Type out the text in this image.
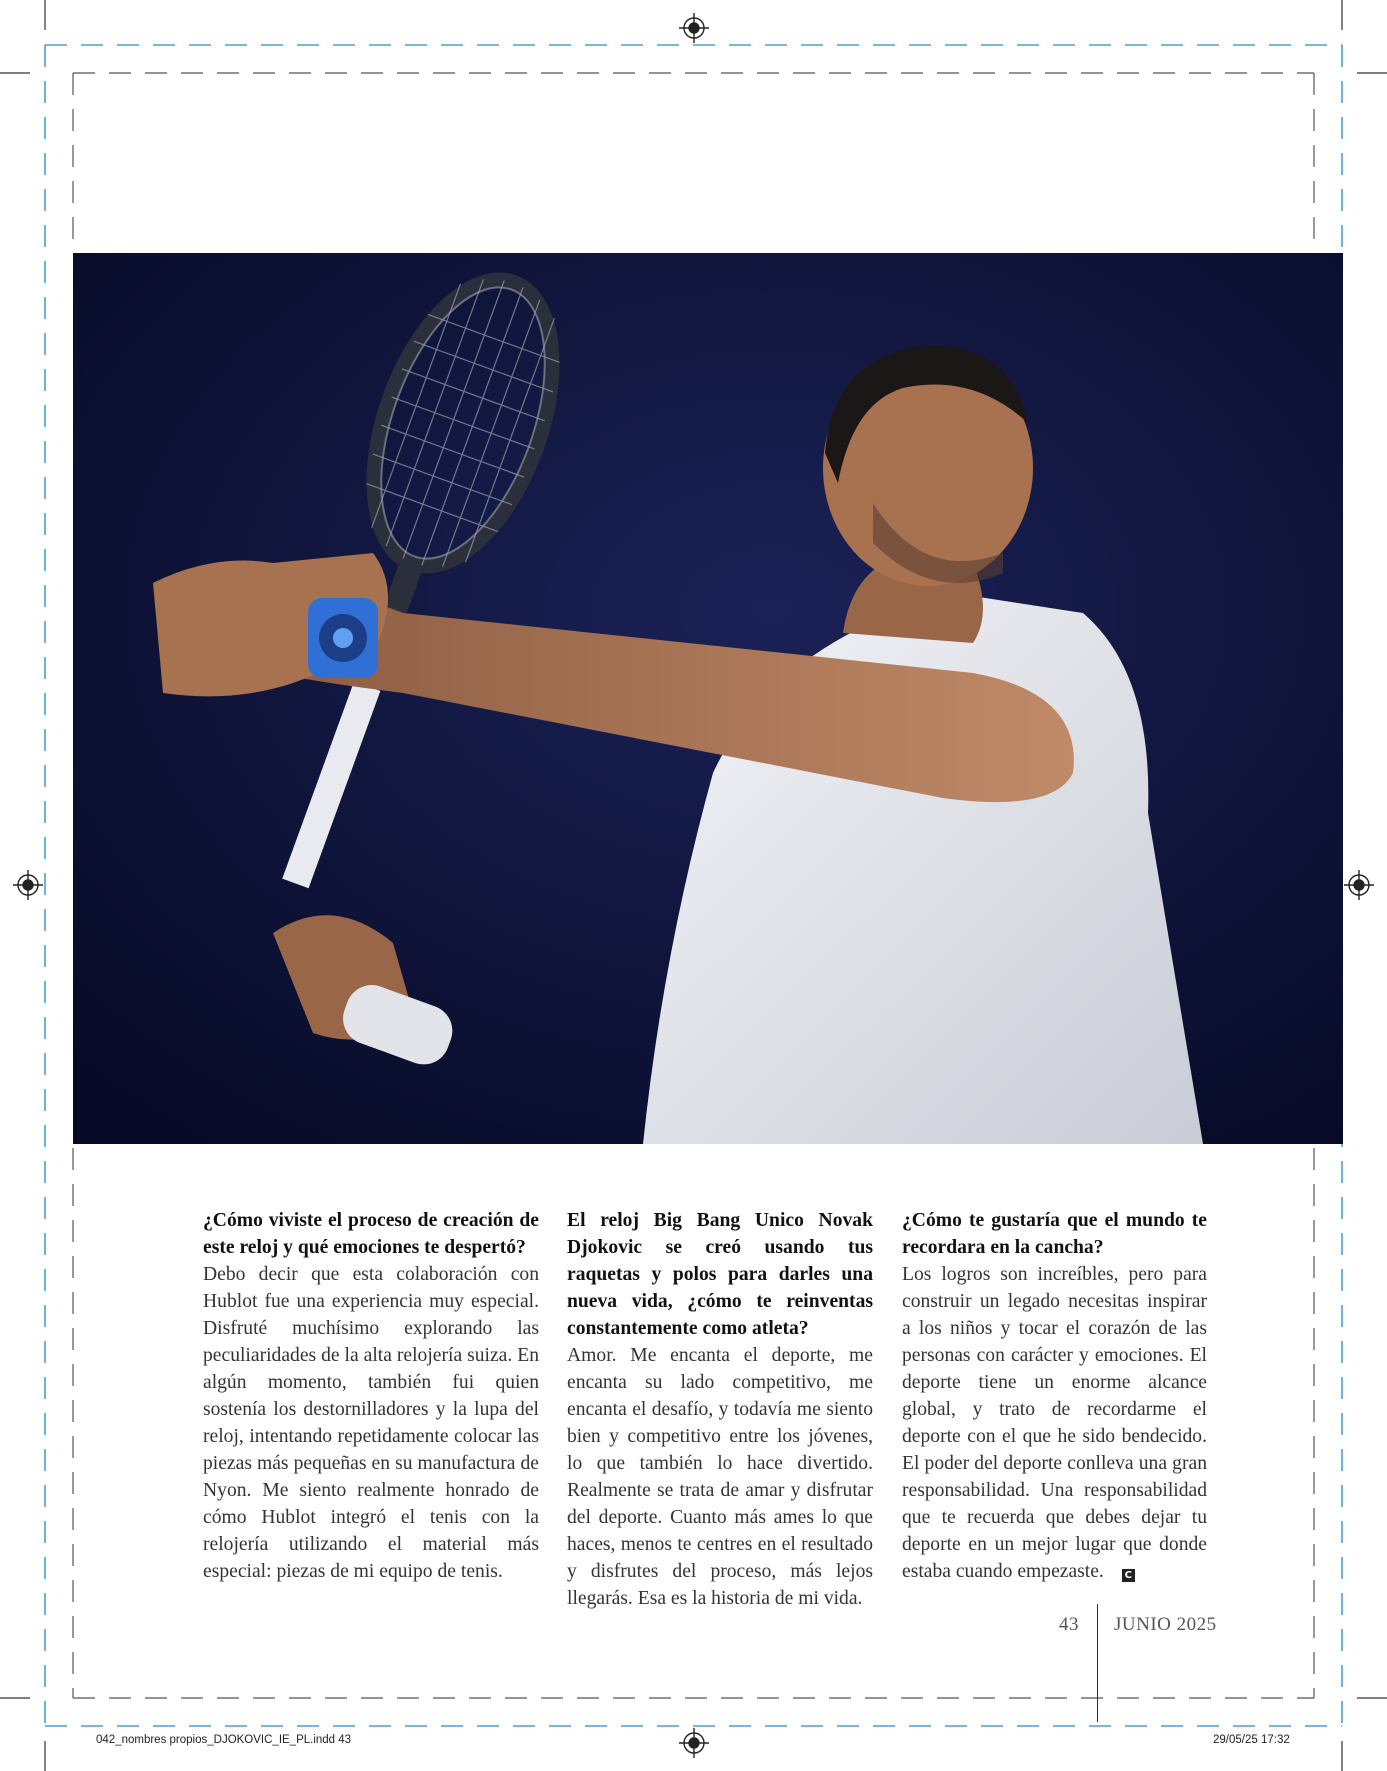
¿Cómo viviste el proceso de creación de este reloj y qué emociones te despertó?
Debo decir que esta colaboración con Hublot fue una experiencia muy especial. Disfruté muchísimo explorando las peculiaridades de la alta relojería suiza. En algún momento, también fui quien sostenía los destornilladores y la lupa del reloj, intentando repetidamente colocar las piezas más pequeñas en su manufactura de Nyon. Me siento realmente honrado de cómo Hublot integró el tenis con la relojería utilizando el material más especial: piezas de mi equipo de tenis.
El reloj Big Bang Unico Novak Djokovic se creó usando tus raquetas y polos para darles una nueva vida, ¿cómo te reinventas constantemente como atleta?
Amor. Me encanta el deporte, me encanta su lado competitivo, me encanta el desafío, y todavía me siento bien y competitivo entre los jóvenes, lo que también lo hace divertido. Realmente se trata de amar y disfrutar del deporte. Cuanto más ames lo que haces, menos te centres en el resultado y disfrutes del proceso, más lejos llegarás. Esa es la historia de mi vida.
¿Cómo te gustaría que el mundo te recordara en la cancha?
Los logros son increíbles, pero para construir un legado necesitas inspirar a los niños y tocar el corazón de las personas con carácter y emociones. El deporte tiene un enorme alcance global, y trato de recordarme el deporte con el que he sido bendecido. El poder del deporte conlleva una gran responsabilidad. Una responsabilidad que te recuerda que debes dejar tu deporte en un mejor lugar que donde estaba cuando empezaste. C
43 JUNIO 2025
042_nombres propios_DJOKOVIC_IE_PL.indd 43	29/05/25 17:32
